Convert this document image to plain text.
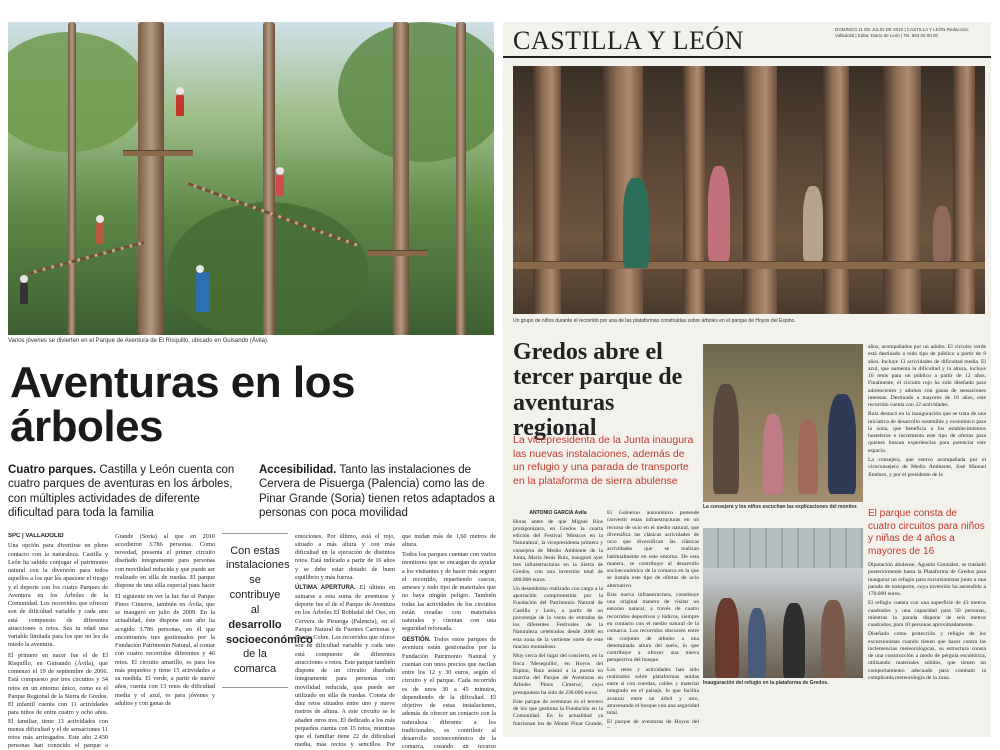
Varios jóvenes se divierten en el Parque de Aventura de El Risquillo, ubicado en Guisando (Ávila).
Aventuras en los árboles
Cuatro parques. Castilla y León cuenta con cuatro parques de aventuras en los árboles, con múltiples actividades de diferente dificultad para toda la familia
Accesibilidad. Tanto las instalaciones de Cervera de Pisuerga (Palencia) como las de Pinar Grande (Soria) tienen retos adaptados a personas con poca movilidad

SPC | VALLADOLID

Una opción para divertirse en pleno contacto con la naturaleza. Castilla y León ha sabido conjugar el patrimonio natural con la diversión para todos aquellos a los que les apasione el riesgo y el deporte con los cuatro Parques de Aventura en los Árboles de la Comunidad. Los recorridos que ofrecen son de dificultad variable y cada uno está compuesto de diferentes atracciones o retos. Sea tu edad una variable limitada para los que no les da miedo la aventura.

El primero en nacer fue el de El Risquillo, en Guisando (Ávila), que comenzó el 19 de septiembre de 2006. Está compuesto por tres circuitos y 34 retos en un entorno único, como es el Parque Regional de la Sierra de Gredos. El infantil cuenta con 11 actividades para niños de entre cuatro y ocho años. El familiar, tiene 13 actividades con menos dificultad y el de sensaciones 11 retos más arriesgados. Este año 2.430 personas han conocido el parque a

Grande (Soria) al que en 2010 accedieron 3.786 personas. Como novedad, presenta el primer circuito diseñado íntegramente para personas con movilidad reducida y que puede ser realizado en silla de ruedas. El parque dispone de una silla especial para hacer

El siguiente en ver la luz fue el Parque Pinos Cimeros, también en Ávila, que se inauguró en julio de 2009. En la actualidad, éste dispone este año ha acogido 3.786 personas, en él que encontramos tres gestionados por la Fundación Patrimonio Natural, al contar con cuatro recorridos diferentes y 46 retos. El circuito amarillo, es para los más pequeños y tiene 15 actividades a su medida. El verde, a partir de nueve años, cuenta con 13 retos de dificultad media y el azul, es para jóvenes y adultos y con ganas de

Con estas instalaciones se contribuye al desarrollo socioeconómico de la comarca

emociones. Por último, está el rojo, situado a más altura y con más dificultad en la ejecución de distintos retos. Está indicado a partir de 16 años y se debe estar dotado de buen equilibrio y más fuerza.

ÚLTIMA APERTURA. El último en sumarse a esta suma de aventuras y deporte fue el de el Parque de Aventura en los Árboles El Robledal del Oso, en Cervera de Pisuerga (Palencia), en el Parque Natural de Fuentes Carrionas y Fuente Cobre. Los recorridos que ofrece son de dificultad variable y cada uno está compuesto de diferentes atracciones o retos. Este parque también dispone de un circuito diseñado íntegramente para personas con movilidad reducida, que puede ser utilizado en silla de ruedas. Consta de diez retos situados entre uno y nueve metros de altura. A este circuito se le añaden otros tres. El dedicado a los más pequeños cuenta con 15 retos, mientras que el familiar tiene 22 de dificultad media, más rectos y sencillos. Por

que midan más de 1,60 metros de altura.

Todos los parques cuentan con varios monitores que se encargan de ayudar a los visitantes y de hacer más seguro el recorrido, repartiendo cascos, arneses y todo tipo de materiales que no haya ningún peligro. También todas las actividades de los circuitos están creadas con materiales naturales y cuentan con una seguridad reforzada.

GESTIÓN. Todos estos parques de aventura están gestionados por la Fundación Patrimonio Natural y cuentan con unos precios que oscilan entre los 12 y 30 euros, según el circuito y el parque. Cada recorrido es de unos 30 a 45 minutos, dependiendo de la dificultad. El objetivo de estas instalaciones, además de ofrecer un contacto con la naturaleza diferente a los tradicionales, es contribuir al desarrollo socioeconómico de la comarca, creando un recurso

CASTILLA Y LEÓN	DOMINGO 11 DE JULIO DE 2010 | CASTILLA Y LEÓN Redacción: Valladolid | Edita: Diario de León | Tel. 983 00 00 00
Un grupo de niños durante el recorrido por una de las plataformas construidas sobre árboles en el parque de Hoyos del Espino.
Gredos abre el tercer parque de aventuras regional
La vicepresidenta de la Junta inaugura las nuevas instalaciones, además de un refugio y una parada de transporte en la plataforma de sierra abulense

ANTONIO GARCÍA Ávila

Horas antes de que Miguel Ríos protagonizara, en Gredos la cuarta edición del Festival 'Músicos en la Naturaleza', la vicepresidenta primera y consejera de Medio Ambiente de la Junta, María Jesús Ruiz, inauguró ayer tres infraestructuras en la Sierra de Gredos, con una inversión total de 400.000 euros.

Un desembolso realizado con cargo a la aportación comprometida por la Fundación del Patrimonio Natural de Castilla y León, a partir de un porcentaje de la venta de entradas de los diferentes Festivales de la Naturaleza celebrados desde 2006 en esta zona de la vertiente norte de este macizo montañoso.

Muy cerca del lugar del concierto, en la finca 'Meseguillo', en Hoyos del Espino, Ruiz asistió a la puesta en marcha del Parque de Aventuras en Árboles 'Pinos Cimeros', cuyo presupuesto ha sido de 230.000 euros.

Este parque de aventuras es el tercero de los que gestiona la Fundación en la Comunidad. En la actualidad ya funcionan los de Monte Pinar Grande,

El Gobierno autonómico pretende convertir estas infraestructuras en un recurso de ocio en el medio natural, que diversifica las clásicas actividades de ocio que diversifican las clásicas actividades que se realizan habitualmente en este entorno. De esta manera, se contribuye al desarrollo socioeconómico de la comarca en la que se instala este tipo de ofertas de ocio alternativo.

Esta nueva infraestructura, constituye una original manera de visitar un entorno natural, a través de cuatro recorridos deportivos y lúdicos, siempre en contacto con el medio natural de la comarca. Los recorridos discurren entre un conjunto de árboles a una determinada altura del suelo, lo que contribuye a ofrecer una nueva perspectiva del bosque.

Los retos y actividades han sido realizados sobre plataformas unidas entre sí con cuerdas, cables y material integrado en el paisaje, lo que facilita avanzar entre un árbol y otro, atravesando el bosque con una seguridad total.

El parque de aventuras de Hoyos del

La consejera y los niños escuchan las explicaciones del monitor.
Inauguración del refugio en la plataforma de Gredos.

años, acompañados por un adulto. El circuito verde está destinado a todo tipo de público a partir de 8 años. Incluye 13 actividades de dificultad media. El azul, que aumenta la dificultad y la altura, incluye 16 retos para un público a partir de 12 años. Finalmente, el circuito rojo ha sido diseñado para adolescentes y adultos con ganas de sensaciones intensas. Destinado a mayores de 16 años, este recorrido cuenta con 22 actividades.

Ruiz destacó en la inauguración que se trata de una iniciativa de desarrollo sostenible y económico para la zona, que beneficia a los establecimientos hosteleros e incrementa este tipo de ofertas para quienes buscan experiencias para potenciar este espacio.

La consejera, que estuvo acompañada por el viceconsejero de Medio Ambiente, José Manuel Jiménez, y por el presidente de la

El parque consta de cuatro circuitos para niños y niñas de 4 años a mayores de 16

Diputación abulense, Agustín González, se trasladó posteriormente hasta la Plataforma de Gredos para inaugurar un refugio para excursionistas junto a una parada de transporte, cuya inversión ha ascendido a 170.000 euros.

El refugio cuenta con una superficie de 43 metros cuadrados y una capacidad para 50 personas, mientras la parada dispone de seis metros cuadrados, para 10 personas aproximadamente.

Diseñado como protección y refugio de los excursionistas cuando tienen que hacer contra las inclemencias meteorológicas, su estructura consta de una construcción a modo de pérgola escultórica, utilizando materiales sólidos, que tienen un comportamiento adecuado para combatir la complicada meteorología de la zona.
